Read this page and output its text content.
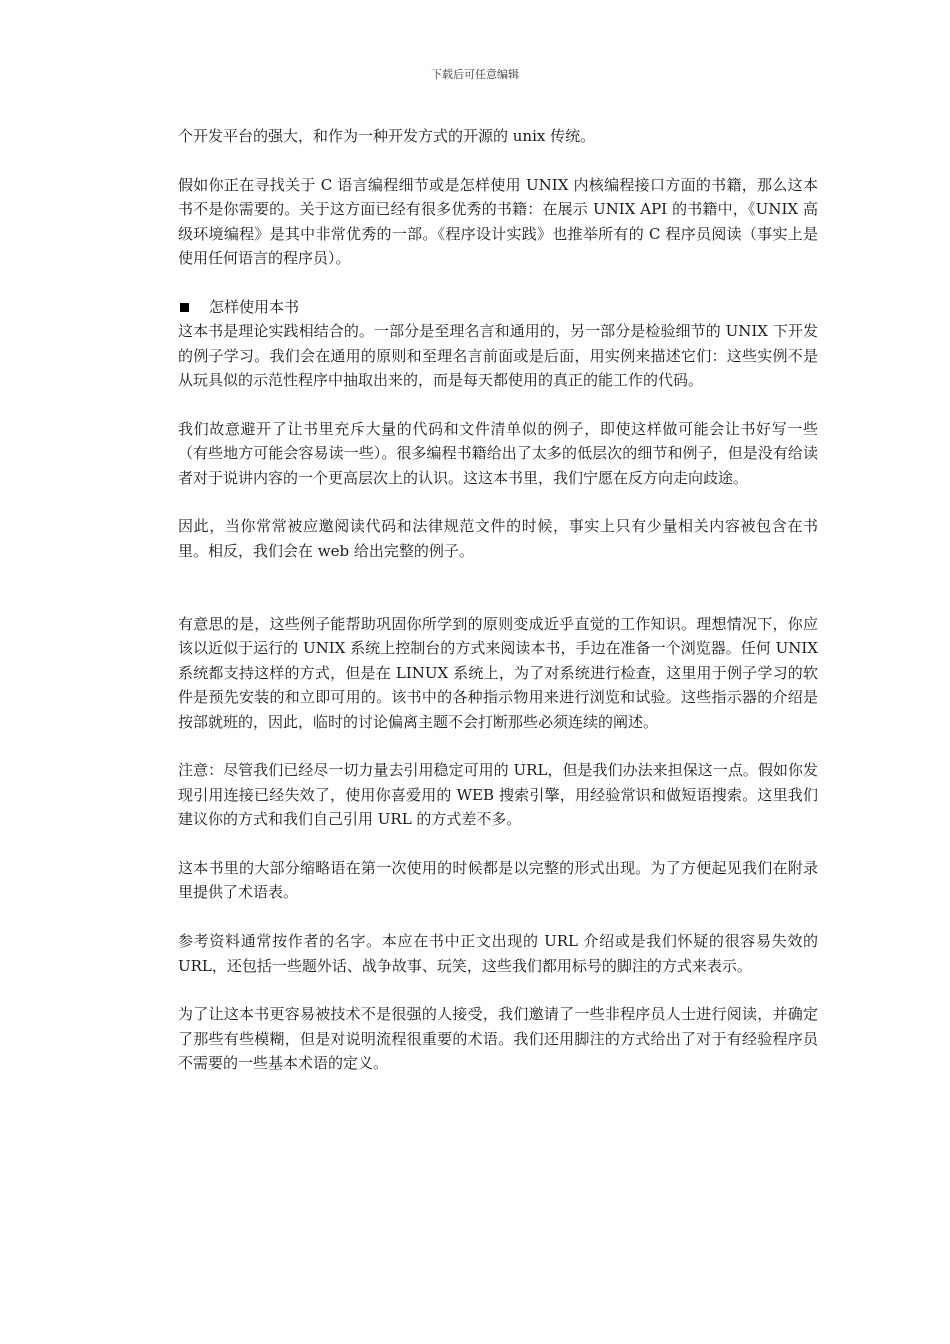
下载后可任意编辑

个开发平台的强大，和作为一种开发方式的开源的 unix 传统。

假如你正在寻找关于 C 语言编程细节或是怎样使用 UNIX 内核编程接口方面的书籍，那么这本书不是你需要的。关于这方面已经有很多优秀的书籍：在展示 UNIX API 的书籍中，《UNIX 高级环境编程》是其中非常优秀的一部。《程序设计实践》也推举所有的 C 程序员阅读（事实上是使用任何语言的程序员）。

怎样使用本书

这本书是理论实践相结合的。一部分是至理名言和通用的，另一部分是检验细节的 UNIX 下开发的例子学习。我们会在通用的原则和至理名言前面或是后面，用实例来描述它们：这些实例不是从玩具似的示范性程序中抽取出来的，而是每天都使用的真正的能工作的代码。

我们故意避开了让书里充斥大量的代码和文件清单似的例子，即使这样做可能会让书好写一些（有些地方可能会容易读一些）。很多编程书籍给出了太多的低层次的细节和例子，但是没有给读者对于说讲内容的一个更高层次上的认识。这这本书里，我们宁愿在反方向走向歧途。

因此，当你常常被应邀阅读代码和法律规范文件的时候，事实上只有少量相关内容被包含在书里。相反，我们会在 web 给出完整的例子。

有意思的是，这些例子能帮助巩固你所学到的原则变成近乎直觉的工作知识。理想情况下，你应该以近似于运行的 UNIX 系统上控制台的方式来阅读本书，手边在准备一个浏览器。任何 UNIX 系统都支持这样的方式，但是在 LINUX 系统上，为了对系统进行检查，这里用于例子学习的软件是预先安装的和立即可用的。该书中的各种指示物用来进行浏览和试验。这些指示器的介绍是按部就班的，因此，临时的讨论偏离主题不会打断那些必须连续的阐述。

注意：尽管我们已经尽一切力量去引用稳定可用的 URL，但是我们办法来担保这一点。假如你发现引用连接已经失效了，使用你喜爱用的 WEB 搜索引擎，用经验常识和做短语搜索。这里我们建议你的方式和我们自己引用 URL 的方式差不多。

这本书里的大部分缩略语在第一次使用的时候都是以完整的形式出现。为了方便起见我们在附录里提供了术语表。

参考资料通常按作者的名字。本应在书中正文出现的 URL 介绍或是我们怀疑的很容易失效的 URL，还包括一些题外话、战争故事、玩笑，这些我们都用标号的脚注的方式来表示。

为了让这本书更容易被技术不是很强的人接受，我们邀请了一些非程序员人士进行阅读，并确定了那些有些模糊，但是对说明流程很重要的术语。我们还用脚注的方式给出了对于有经验程序员不需要的一些基本术语的定义。
